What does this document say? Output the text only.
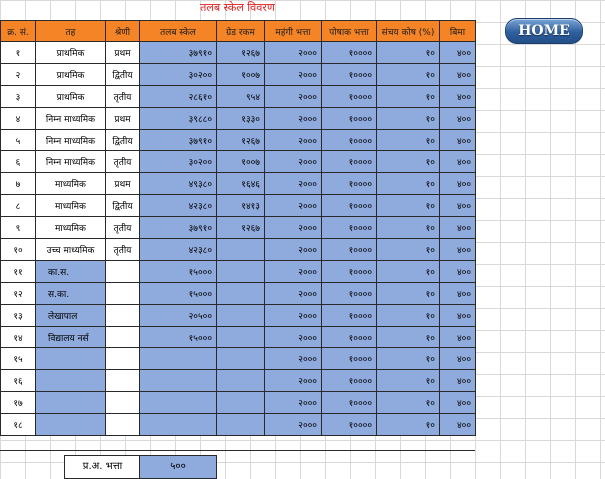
तलब स्केल विवरण
क्र. सं.	तह	श्रेणी	तलब स्केल	ग्रेड रकम	महंगी भत्ता	पोषाक भत्ता	संचय कोष (%)	बिमा
१	प्राथमिक	प्रथम	३७९१०	१२६७	२०००	१००००	१०	४००
२	प्राथमिक	द्वितीय	३०२००	१००७	२०००	१००००	१०	४००
३	प्राथमिक	तृतीय	२८६१०	९५४	२०००	१००००	१०	४००
४	निम्न माध्यमिक	प्रथम	३९८८०	१३३०	२०००	१००००	१०	४००
५	निम्न माध्यमिक	द्वितीय	३७९१०	१२६७	२०००	१००००	१०	४००
६	निम्न माध्यमिक	तृतीय	३०२००	१००७	२०००	१००००	१०	४००
७	माध्यमिक	प्रथम	४९३८०	१६४६	२०००	१००००	१०	४००
८	माध्यमिक	द्वितीय	४२३८०	१४१३	२०००	१००००	१०	४००
९	माध्यमिक	तृतीय	३७९१०	१२६७	२०००	१००००	१०	४००
१०	उच्च माध्यमिक	तृतीय	४२३८०		२०००	१००००	१०	४००
११	का.स.		१५०००		२०००	१००००	१०	४००
१२	स.का.		१५०००		२०००	१००००	१०	४००
१३	लेखापाल		२०५००		२०००	१००००	१०	४००
१४	विद्यालय नर्स		१५०००		२०००	१००००	१०	४००
१५					२०००	१००००	१०	४००
१६					२०००	१००००	१०	४००
१७					२०००	१००००	१०	४००
१८					२०००	१००००	१०	४००
HOME
प्र.अ. भत्ता	५००
